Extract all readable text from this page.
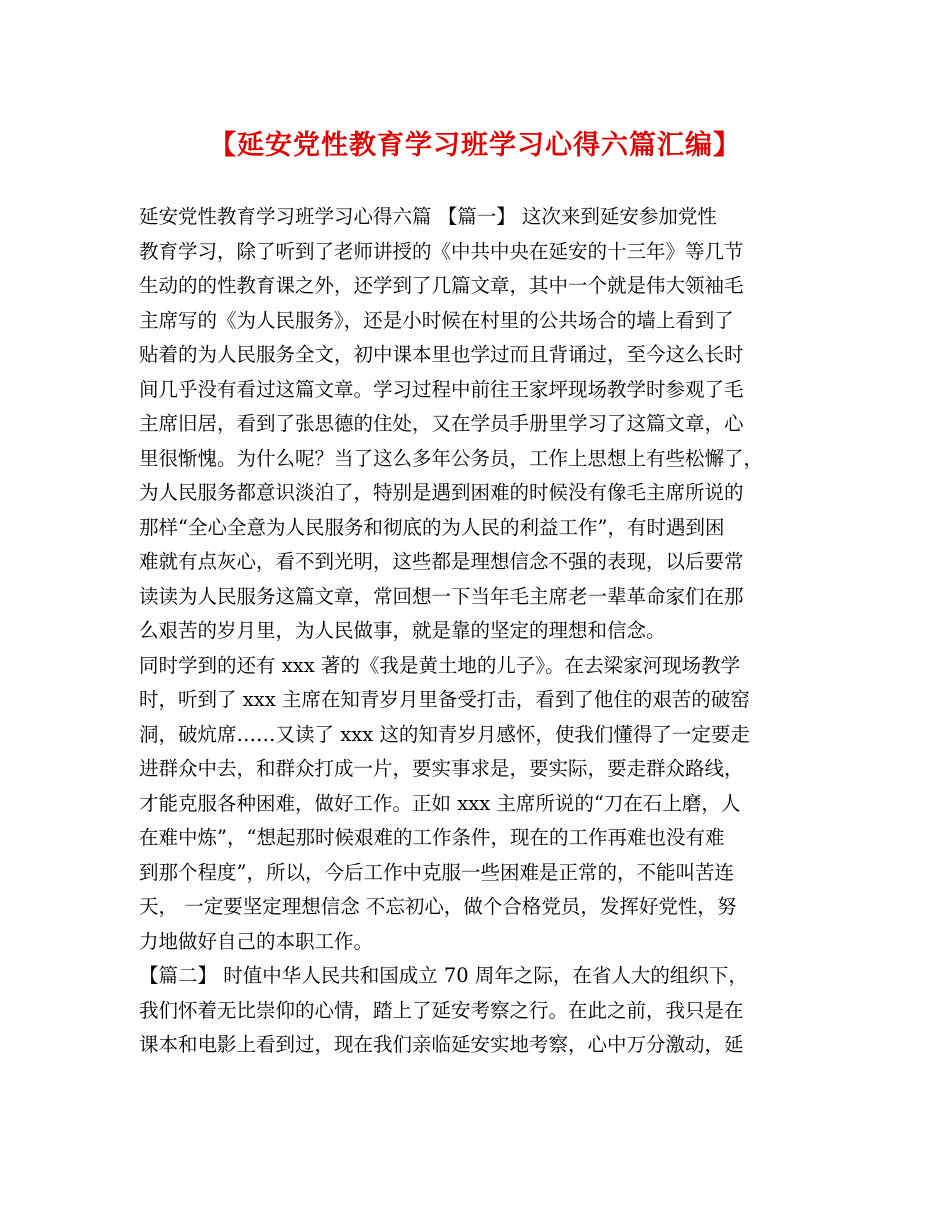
【延安党性教育学习班学习心得六篇汇编】
延安党性教育学习班学习心得六篇 【篇一】 这次来到延安参加党性
教育学习，除了听到了老师讲授的《中共中央在延安的十三年》等几节
生动的的性教育课之外，还学到了几篇文章，其中一个就是伟大领袖毛
主席写的《为人民服务》，还是小时候在村里的公共场合的墙上看到了
贴着的为人民服务全文，初中课本里也学过而且背诵过，至今这么长时
间几乎没有看过这篇文章。学习过程中前往王家坪现场教学时参观了毛
主席旧居，看到了张思德的住处，又在学员手册里学习了这篇文章，心
里很惭愧。为什么呢？当了这么多年公务员，工作上思想上有些松懈了，
为人民服务都意识淡泊了，特别是遇到困难的时候没有像毛主席所说的
那样“全心全意为人民服务和彻底的为人民的利益工作”，有时遇到困
难就有点灰心，看不到光明，这些都是理想信念不强的表现，以后要常
读读为人民服务这篇文章，常回想一下当年毛主席老一辈革命家们在那
么艰苦的岁月里，为人民做事，就是靠的坚定的理想和信念。
同时学到的还有 xxx 著的《我是黄土地的儿子》。在去梁家河现场教学
时，听到了 xxx 主席在知青岁月里备受打击，看到了他住的艰苦的破窑
洞，破炕席……又读了 xxx 这的知青岁月感怀，使我们懂得了一定要走
进群众中去，和群众打成一片，要实事求是，要实际，要走群众路线，
才能克服各种困难，做好工作。正如 xxx 主席所说的“刀在石上磨，人
在难中炼”，“想起那时候艰难的工作条件，现在的工作再难也没有难
到那个程度”，所以，今后工作中克服一些困难是正常的，不能叫苦连
天， 一定要坚定理想信念 不忘初心，做个合格党员，发挥好党性，努
力地做好自己的本职工作。
【篇二】 时值中华人民共和国成立 70 周年之际，在省人大的组织下，
我们怀着无比崇仰的心情，踏上了延安考察之行。在此之前，我只是在
课本和电影上看到过，现在我们亲临延安实地考察，心中万分激动，延
